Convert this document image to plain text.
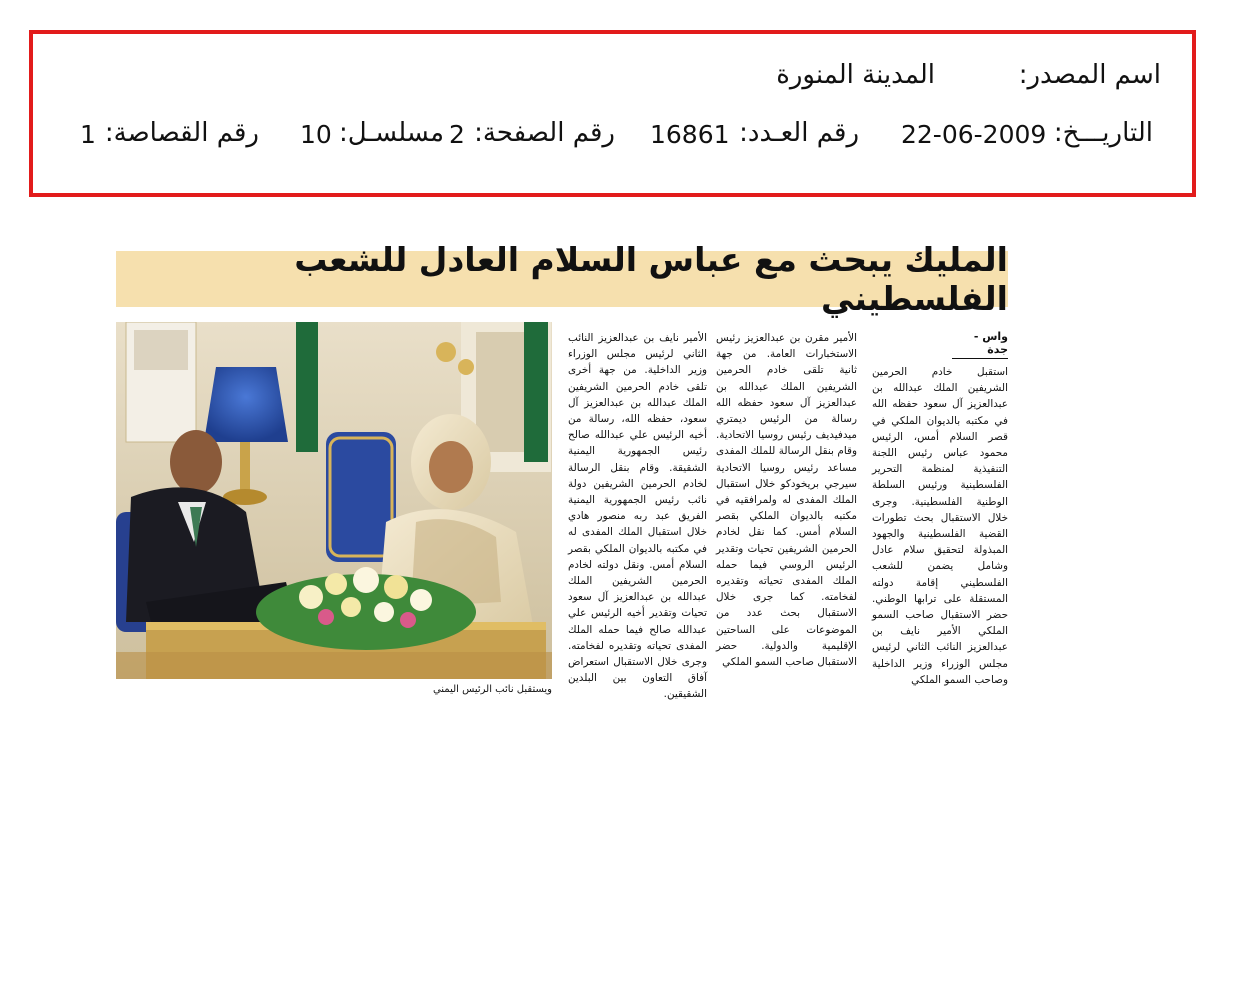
اسم المصدر:
المدينة المنورة
التاريـــخ:
22-06-2009
رقم العـدد:
16861
رقم الصفحة:
2
مسلسـل:
10
رقم القصاصة:
1
المليك يبحث مع عباس السلام العادل للشعب الفلسطيني
واس - جدة

استقبل خادم الحرمين الشريفين الملك عبدالله بن عبدالعزيز آل سعود حفظه الله في مكتبه بالديوان الملكي في قصر السلام أمس، الرئيس محمود عباس رئيس اللجنة التنفيذية لمنظمة التحرير الفلسطينية ورئيس السلطة الوطنية الفلسطينية. وجرى خلال الاستقبال بحث تطورات القضية الفلسطينية والجهود المبذولة لتحقيق سلام عادل وشامل يضمن للشعب الفلسطيني إقامة دولته المستقلة على ترابها الوطني. حضر الاستقبال صاحب السمو الملكي الأمير نايف بن عبدالعزيز النائب الثاني لرئيس مجلس الوزراء وزير الداخلية وصاحب السمو الملكي

الأمير مقرن بن عبدالعزيز رئيس الاستخبارات العامة. من جهة ثانية تلقى خادم الحرمين الشريفين الملك عبدالله بن عبدالعزيز آل سعود حفظه الله رسالة من الرئيس ديمتري ميدفيديف رئيس روسيا الاتحادية. وقام بنقل الرسالة للملك المفدى مساعد رئيس روسيا الاتحادية سيرجي بريخودكو خلال استقبال الملك المفدى له ولمرافقيه في مكتبه بالديوان الملكي بقصر السلام أمس. كما نقل لخادم الحرمين الشريفين تحيات وتقدير الرئيس الروسي فيما حمله الملك المفدى تحياته وتقديره لفخامته. كما جرى خلال الاستقبال بحث عدد من الموضوعات على الساحتين الإقليمية والدولية. حضر الاستقبال صاحب السمو الملكي

الأمير نايف بن عبدالعزيز النائب الثاني لرئيس مجلس الوزراء وزير الداخلية. من جهة أخرى تلقى خادم الحرمين الشريفين الملك عبدالله بن عبدالعزيز آل سعود، حفظه الله، رسالة من أخيه الرئيس علي عبدالله صالح رئيس الجمهورية اليمنية الشقيقة. وقام بنقل الرسالة لخادم الحرمين الشريفين دولة نائب رئيس الجمهورية اليمنية الفريق عبد ربه منصور هادي خلال استقبال الملك المفدى له في مكتبه بالديوان الملكي بقصر السلام أمس. ونقل دولته لخادم الحرمين الشريفين الملك عبدالله بن عبدالعزيز آل سعود تحيات وتقدير أخيه الرئيس علي عبدالله صالح فيما حمله الملك المفدى تحياته وتقديره لفخامته. وجرى خلال الاستقبال استعراض آفاق التعاون بين البلدين الشقيقين.

ويستقبل نائب الرئيس اليمني
